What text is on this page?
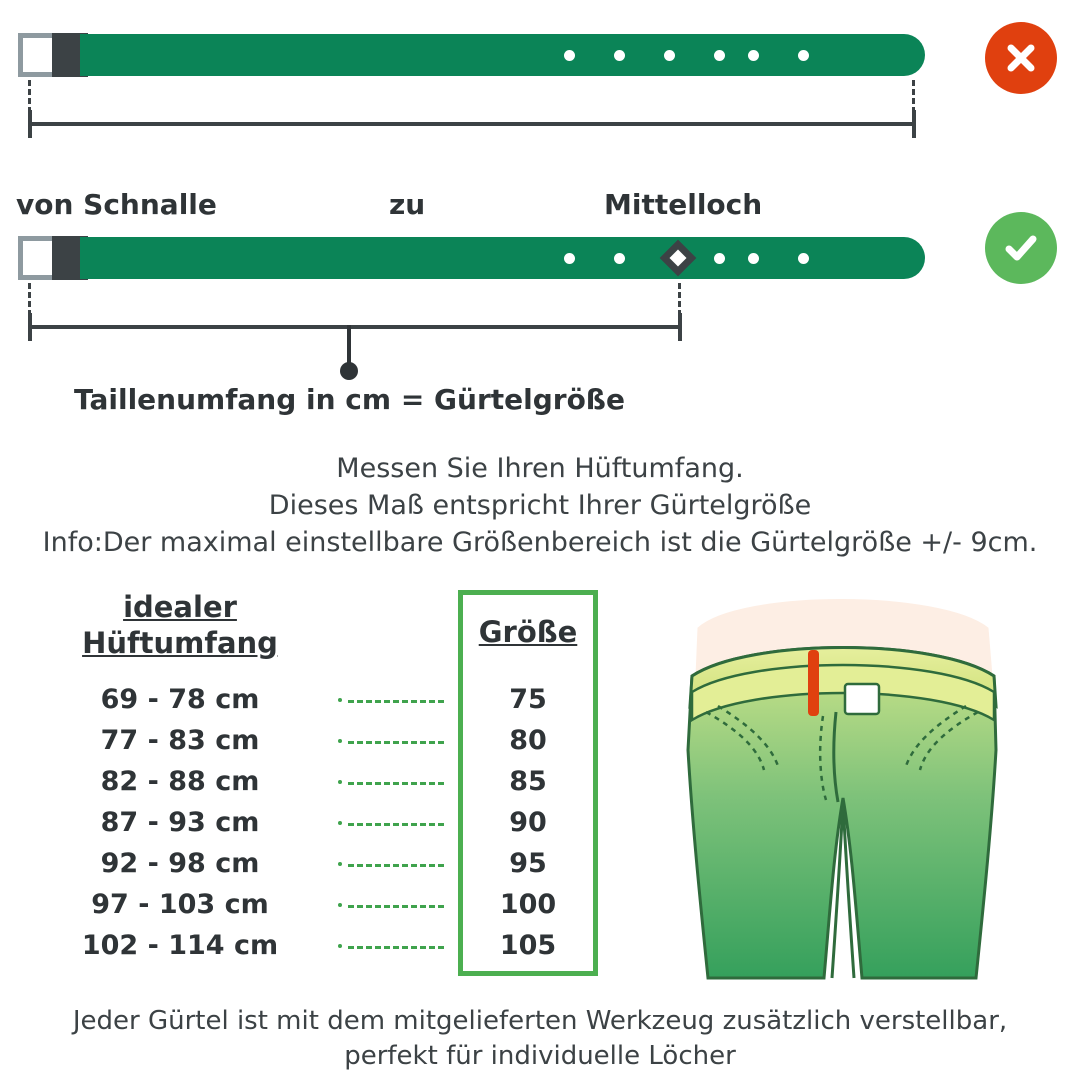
von Schnalle	zu	Mittelloch
Taillenumfang in cm = Gürtelgröße
Messen Sie Ihren Hüftumfang.
Dieses Maß entspricht Ihrer Gürtelgröße
Info:Der maximal einstellbare Größenbereich ist die Gürtelgröße +/- 9cm.
idealer
Hüftumfang	Größe
69 - 78 cm	75
77 - 83 cm	80
82 - 88 cm	85
87 - 93 cm	90
92 - 98 cm	95
97 - 103 cm	100
102 - 114 cm	105
Jeder Gürtel ist mit dem mitgelieferten Werkzeug zusätzlich verstellbar,
perfekt für individuelle Löcher
